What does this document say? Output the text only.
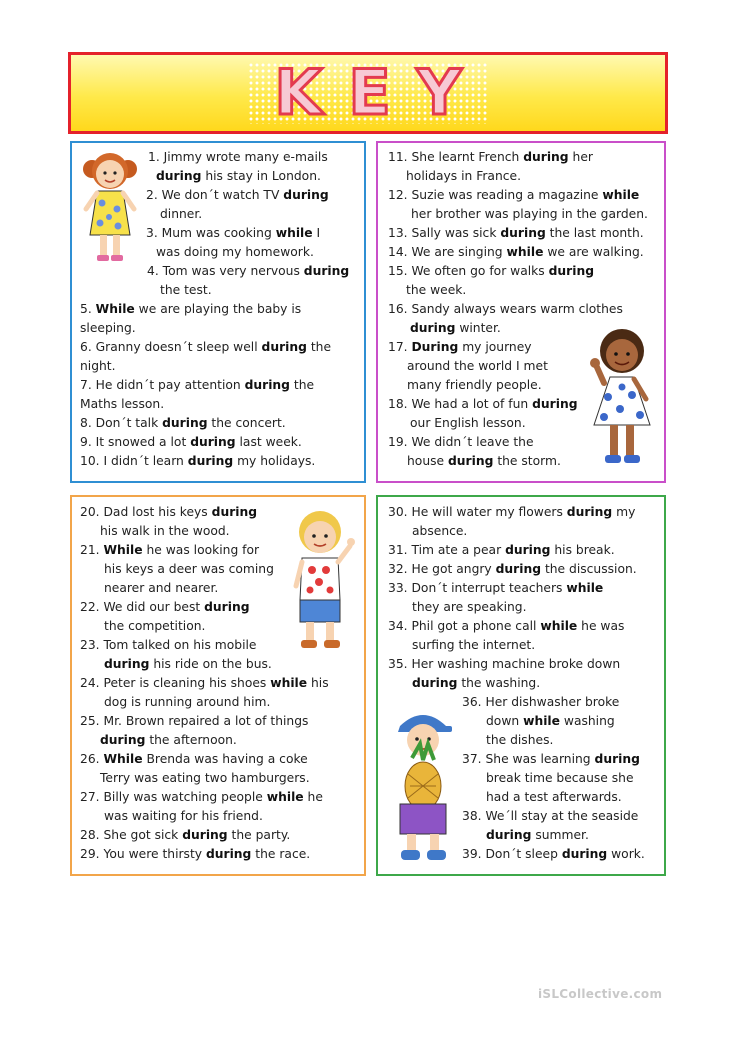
KEY
1. Jimmy wrote many e-mails
during his stay in London.
2. We don´t watch TV during
dinner.
3. Mum was cooking while I
was doing my homework.
4. Tom was very nervous during
the test.
5. While we are playing the baby is
sleeping.
6. Granny doesn´t sleep well during the
night.
7. He didn´t pay attention during the
Maths lesson.
8. Don´t talk during the concert.
9. It snowed a lot during last week.
10. I didn´t learn during my holidays.
11. She learnt French during her
holidays in France.
12. Suzie was reading a magazine while
her brother was playing in the garden.
13. Sally was sick during the last month.
14. We are singing while we are walking.
15. We often go for walks during
the week.
16. Sandy always wears warm clothes
during winter.
17. During my journey
around the world I met
many friendly people.
18. We had a lot of fun during
our English lesson.
19. We didn´t leave the
house during the storm.
20. Dad lost his keys during
his walk in the wood.
21. While he was looking for
his keys a deer was coming
nearer and nearer.
22. We did our best during
the competition.
23. Tom talked on his mobile
during his ride on the bus.
24. Peter is cleaning his shoes while his
dog is running around him.
25. Mr. Brown repaired a lot of things
during the afternoon.
26. While Brenda was having a coke
Terry was eating two hamburgers.
27. Billy was watching people while he
was waiting for his friend.
28. She got sick during the party.
29. You were thirsty during the race.
30. He will water my flowers during my
absence.
31. Tim ate a pear during his break.
32. He got angry during the discussion.
33. Don´t interrupt teachers while
they are speaking.
34. Phil got a phone call while he was
surfing the internet.
35. Her washing machine broke down
during the washing.
36. Her dishwasher broke
down while washing
the dishes.
37. She was learning during
break time because she
had a test afterwards.
38. We´ll stay at the seaside
during summer.
39. Don´t sleep during work.
iSLCollective.com
